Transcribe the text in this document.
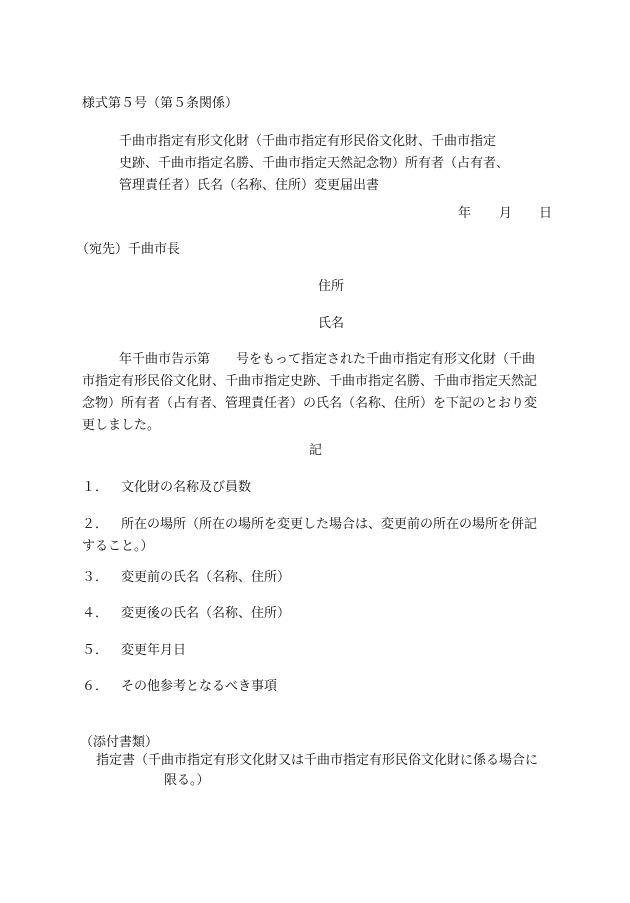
様式第５号（第５条関係）
千曲市指定有形文化財（千曲市指定有形民俗文化財、千曲市指定
史跡、千曲市指定名勝、千曲市指定天然記念物）所有者（占有者、
管理責任者）氏名（名称、住所）変更届出書
年 月 日
（宛先）千曲市長
住所
氏名
年千曲市告示第　　号をもって指定された千曲市指定有形文化財（千曲
市指定有形民俗文化財、千曲市指定史跡、千曲市指定名勝、千曲市指定天然記
念物）所有者（占有者、管理責任者）の氏名（名称、住所）を下記のとおり変
更しました。
記
１． 文化財の名称及び員数
２． 所在の場所（所在の場所を変更した場合は、変更前の所在の場所を併記
すること。）
３． 変更前の氏名（名称、住所）
４． 変更後の氏名（名称、住所）
５． 変更年月日
６． その他参考となるべき事項
（添付書類）
指定書（千曲市指定有形文化財又は千曲市指定有形民俗文化財に係る場合に
限る。）
